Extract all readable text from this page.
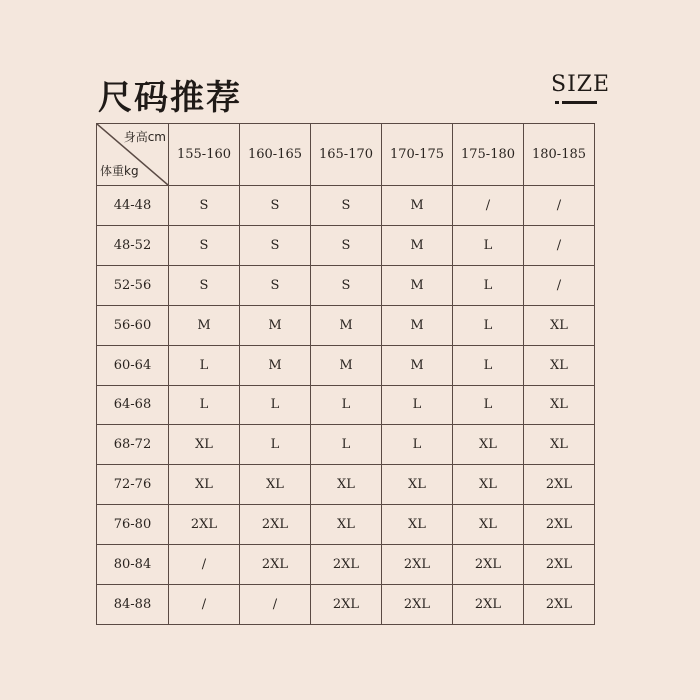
尺码推荐	SIZE
身高cm
体重kg	155-160	160-165	165-170	170-175	175-180	180-185
44-48	S	S	S	M	/	/
48-52	S	S	S	M	L	/
52-56	S	S	S	M	L	/
56-60	M	M	M	M	L	XL
60-64	L	M	M	M	L	XL
64-68	L	L	L	L	L	XL
68-72	XL	L	L	L	XL	XL
72-76	XL	XL	XL	XL	XL	2XL
76-80	2XL	2XL	XL	XL	XL	2XL
80-84	/	2XL	2XL	2XL	2XL	2XL
84-88	/	/	2XL	2XL	2XL	2XL
